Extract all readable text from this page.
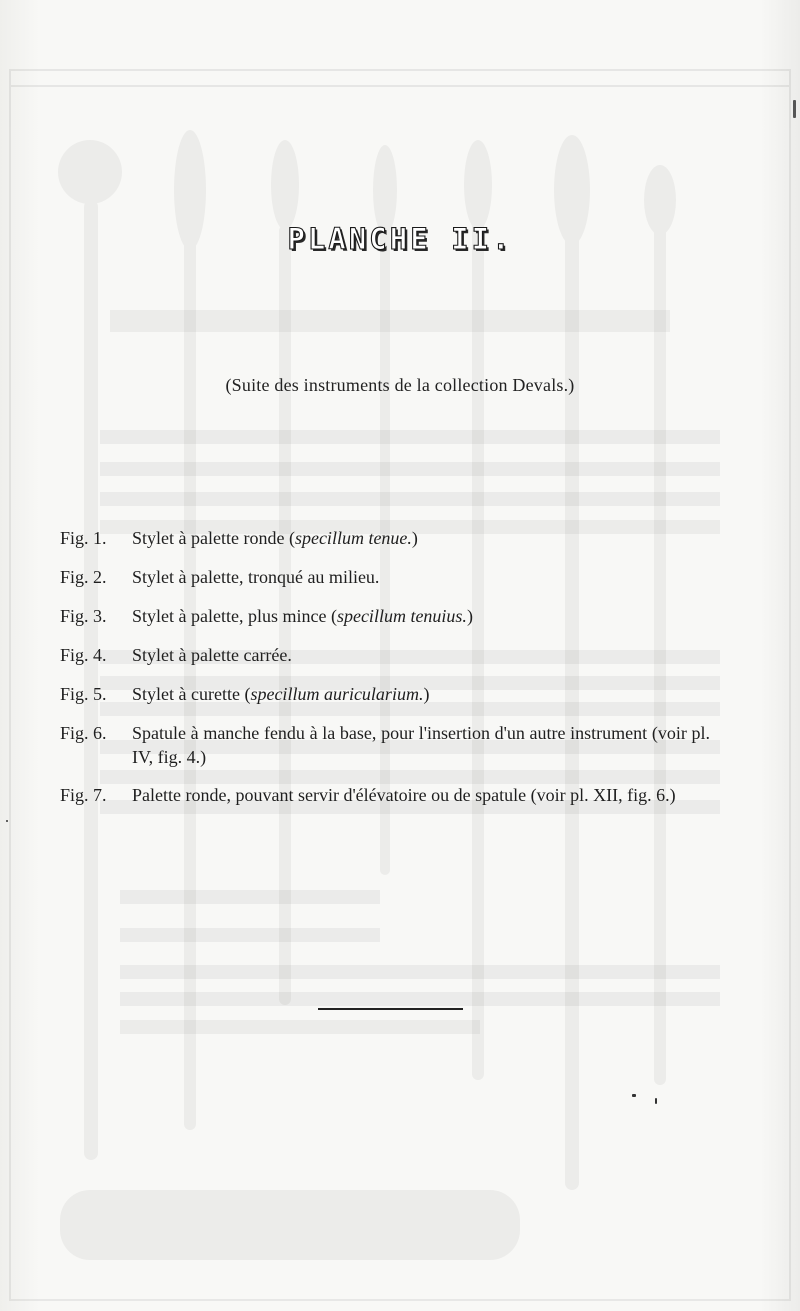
PLANCHE II.
(Suite des instruments de la collection Devals.)
Fig. 1.	Stylet à palette ronde (specillum tenue.)
Fig. 2.	Stylet à palette, tronqué au milieu.
Fig. 3.	Stylet à palette, plus mince (specillum tenuius.)
Fig. 4.	Stylet à palette carrée.
Fig. 5.	Stylet à curette (specillum auricularium.)
Fig. 6.	Spatule à manche fendu à la base, pour l'insertion d'un autre instrument (voir pl. IV, fig. 4.)
Fig. 7.	Palette ronde, pouvant servir d'élévatoire ou de spatule (voir pl. XII, fig. 6.)
